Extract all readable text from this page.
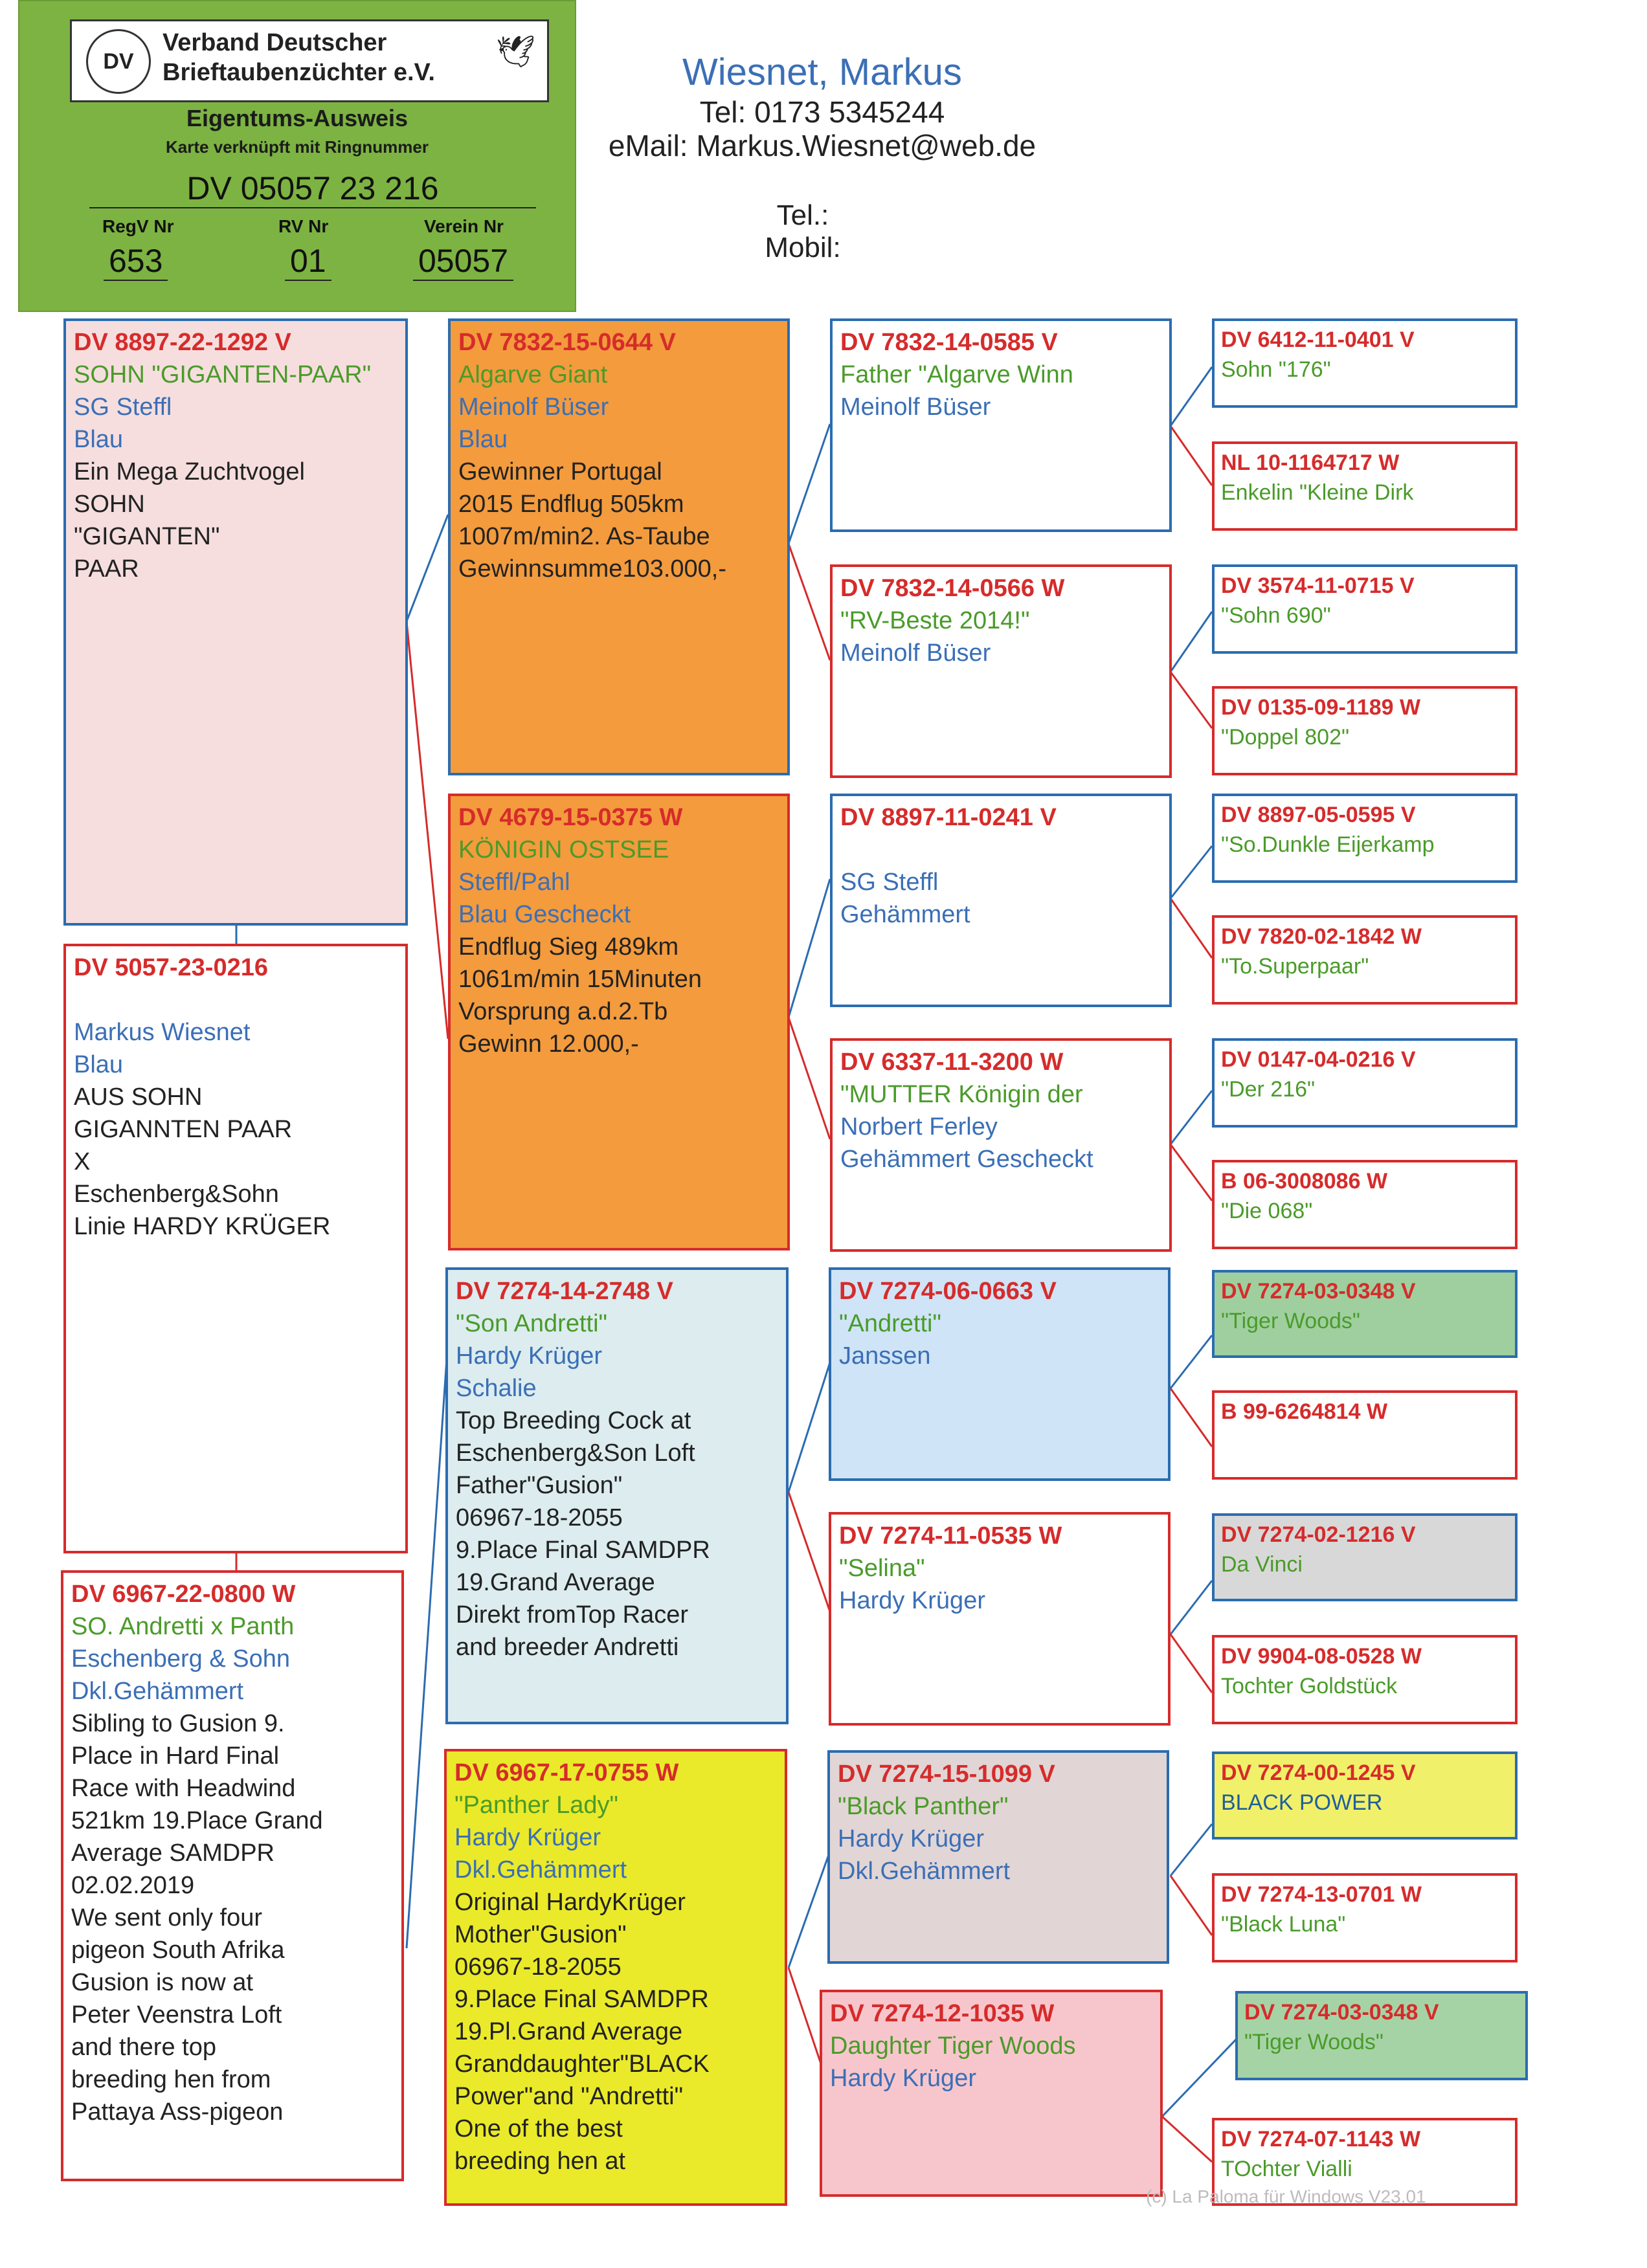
DV
Verband Deutscher
Brieftaubenzüchter e.V.
🕊
Eigentums-Ausweis
Karte verknüpft mit Ringnummer
DV 05057 23 216
RegV Nr	RV Nr	Verein Nr
653	01	05057
Wiesnet, Markus
Tel: 0173 5345244
eMail: Markus.Wiesnet@web.de
Tel.:
Mobil:
DV 8897-22-1292 V
SOHN "GIGANTEN-PAAR"
SG Steffl
Blau
Ein Mega Zuchtvogel
SOHN
"GIGANTEN"
PAAR
DV 5057-23-0216

Markus Wiesnet
Blau
AUS SOHN
GIGANNTEN PAAR
X
Eschenberg&Sohn
Linie HARDY KRÜGER
DV 6967-22-0800 W
SO. Andretti x Panth
Eschenberg & Sohn
Dkl.Gehämmert
Sibling to Gusion 9.
Place in Hard Final
Race with Headwind
521km 19.Place Grand
Average SAMDPR
02.02.2019
We sent only four
pigeon South Afrika
Gusion is now at
Peter Veenstra Loft
and there top
breeding hen from
Pattaya Ass-pigeon
DV 7832-15-0644 V
Algarve Giant
Meinolf Büser
Blau
Gewinner Portugal
2015 Endflug 505km
1007m/min2. As-Taube
Gewinnsumme103.000,-
DV 4679-15-0375 W
KÖNIGIN OSTSEE
Steffl/Pahl
Blau Gescheckt
Endflug Sieg 489km
1061m/min 15Minuten
Vorsprung a.d.2.Tb
Gewinn 12.000,-
DV 7274-14-2748 V
"Son Andretti"
Hardy Krüger
Schalie
Top Breeding Cock at
Eschenberg&Son Loft
Father"Gusion"
06967-18-2055
9.Place Final SAMDPR
19.Grand Average
Direkt fromTop Racer
and breeder Andretti
DV 6967-17-0755 W
"Panther Lady"
Hardy Krüger
Dkl.Gehämmert
Original HardyKrüger
Mother"Gusion"
06967-18-2055
9.Place Final SAMDPR
19.Pl.Grand Average
Granddaughter"BLACK
Power"and "Andretti"
One of the best
breeding hen at
DV 7832-14-0585 V
Father "Algarve Winn
Meinolf Büser
DV 7832-14-0566 W
"RV-Beste 2014!"
Meinolf Büser
DV 8897-11-0241 V

SG Steffl
Gehämmert
DV 6337-11-3200 W
"MUTTER Königin der
Norbert Ferley
Gehämmert Gescheckt
DV 7274-06-0663 V
"Andretti"
Janssen
DV 7274-11-0535 W
"Selina"
Hardy Krüger
DV 7274-15-1099 V
"Black Panther"
Hardy Krüger
Dkl.Gehämmert
DV 7274-12-1035 W
Daughter Tiger Woods
Hardy Krüger
DV 6412-11-0401 V
Sohn "176"
NL 10-1164717 W
Enkelin "Kleine Dirk
DV 3574-11-0715 V
"Sohn 690"
DV 0135-09-1189 W
"Doppel 802"
DV 8897-05-0595 V
"So.Dunkle Eijerkamp
DV 7820-02-1842 W
"To.Superpaar"
DV 0147-04-0216 V
"Der 216"
B 06-3008086 W
"Die 068"
DV 7274-03-0348 V
"Tiger Woods"
B 99-6264814 W
DV 7274-02-1216 V
Da Vinci
DV 9904-08-0528 W
Tochter Goldstück
DV 7274-00-1245 V
BLACK POWER
DV 7274-13-0701 W
"Black Luna"
DV 7274-03-0348 V
"Tiger Woods"
DV 7274-07-1143 W
TOchter Vialli
(c) La Paloma für Windows V23.01
